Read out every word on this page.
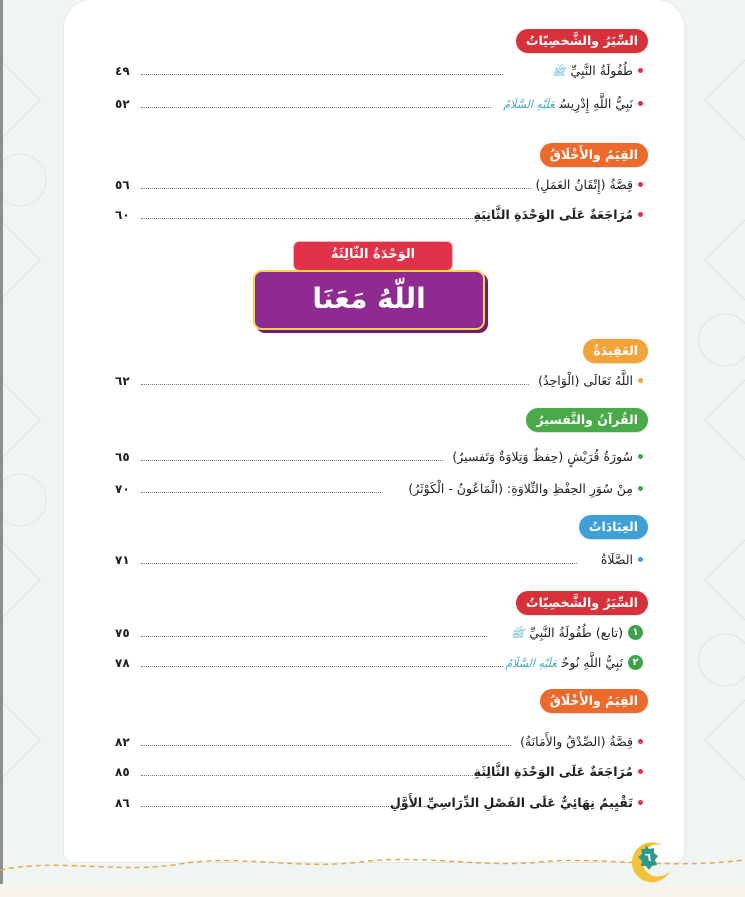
السِّيَرُ والشَّخصِيّاتُ
٤٩	طُفُولَةُ النَّبِيِّﷺ
٥٢	نَبِيُّ اللَّهِ إِدْرِيسُعَلَيْهِ السَّلَامُ
القِيَمُ والأَخْلَاقُ
٥٦	قِصَّةُ (إِتْقَانُ العَمَلِ)
٦٠	مُرَاجَعَةٌ عَلَى الوَحْدَةِ الثَّانِيَةِ
الوَحْدَةُ الثّالِثَةُ
اللّهُ مَعَنَا
العَقِيدَةُ
٦٢	اللَّهُ تَعَالَى (الْوَاحِدُ)
القُرآنُ والتَّفسيرُ
٦٥	سُورَةُ قُرَيْشٍ (حِفظٌ وَتِلاوَةٌ وَتَفسيرٌ)
٧٠	مِنْ سُوَرِ الحِفْظِ والتِّلاوَةِ: (الْمَاعُونُ - الْكَوْثَرُ)
العِبَادَاتُ
٧١	الصَّلَاةُ
السِّيَرُ والشَّخصِيّاتُ
٧٥	١(تابع) طُفُولَةُ النَّبِيِّﷺ
٧٨	٢نَبِيُّ اللَّهِ نُوحٌعَلَيْهِ السَّلَامُ
القِيَمُ والأَخْلَاقُ
٨٢	قِصَّةُ (الصِّدْقُ والأَمَانَةُ)
٨٥	مُرَاجَعَةٌ عَلَى الوَحْدَةِ الثَّالِثَةِ
٨٦	تَقْيِيمٌ نِهَائِيٌّ عَلَى الفَصْلِ الدِّرَاسِيِّ الأَوَّلِ
٦
